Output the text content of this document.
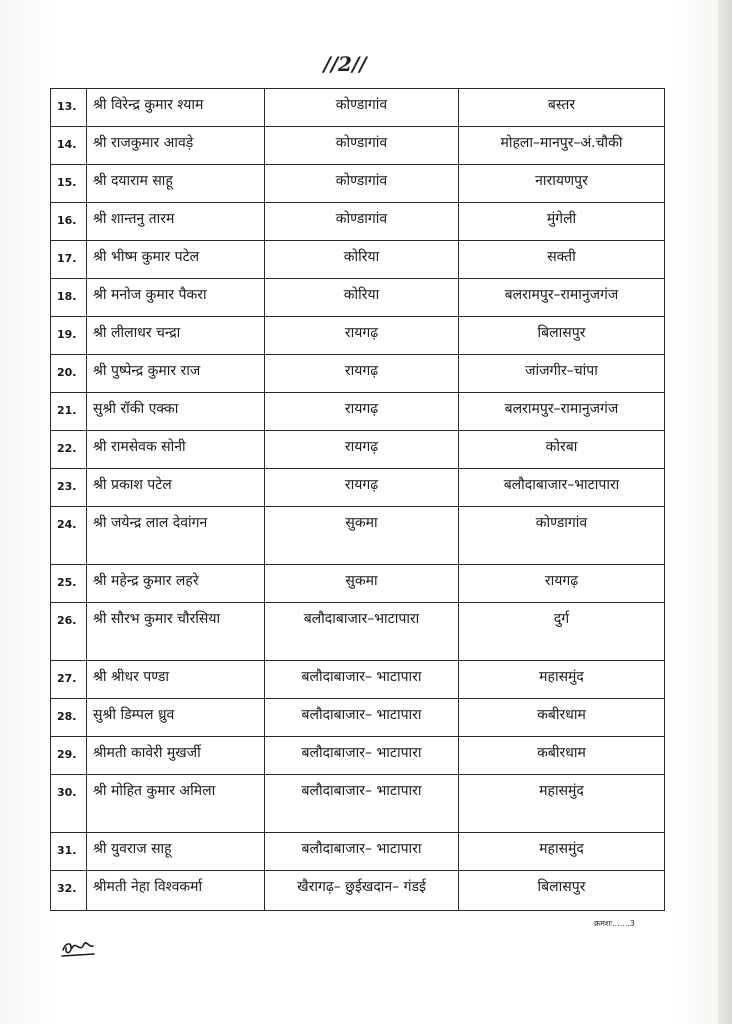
//2//
13.	श्री विरेन्द्र कुमार श्याम	कोण्डागांव	बस्तर
14.	श्री राजकुमार आवड़े	कोण्डागांव	मोहला–मानपुर–अं.चौकी
15.	श्री दयाराम साहू	कोण्डागांव	नारायणपुर
16.	श्री शान्तनु तारम	कोण्डागांव	मुंगेली
17.	श्री भीष्म कुमार पटेल	कोरिया	सक्ती
18.	श्री मनोज कुमार पैकरा	कोरिया	बलरामपुर–रामानुजगंज
19.	श्री लीलाधर चन्द्रा	रायगढ़	बिलासपुर
20.	श्री पुष्पेन्द्र कुमार राज	रायगढ़	जांजगीर–चांपा
21.	सुश्री रॉकी एक्का	रायगढ़	बलरामपुर–रामानुजगंज
22.	श्री रामसेवक सोनी	रायगढ़	कोरबा
23.	श्री प्रकाश पटेल	रायगढ़	बलौदाबाजार–भाटापारा
24.	श्री जयेन्द्र लाल देवांगन	सुकमा	कोण्डागांव
25.	श्री महेन्द्र कुमार लहरे	सुकमा	रायगढ़
26.	श्री सौरभ कुमार चौरसिया	बलौदाबाजार–भाटापारा	दुर्ग
27.	श्री श्रीधर पण्डा	बलौदाबाजार– भाटापारा	महासमुंद
28.	सुश्री डिम्पल ध्रुव	बलौदाबाजार– भाटापारा	कबीरधाम
29.	श्रीमती कावेरी मुखर्जी	बलौदाबाजार– भाटापारा	कबीरधाम
30.	श्री मोहित कुमार अमिला	बलौदाबाजार– भाटापारा	महासमुंद
31.	श्री युवराज साहू	बलौदाबाजार– भाटापारा	महासमुंद
32.	श्रीमती नेहा विश्वकर्मा	खैरागढ़– छुईखदान– गंडई	बिलासपुर
क्रमशः.......3
